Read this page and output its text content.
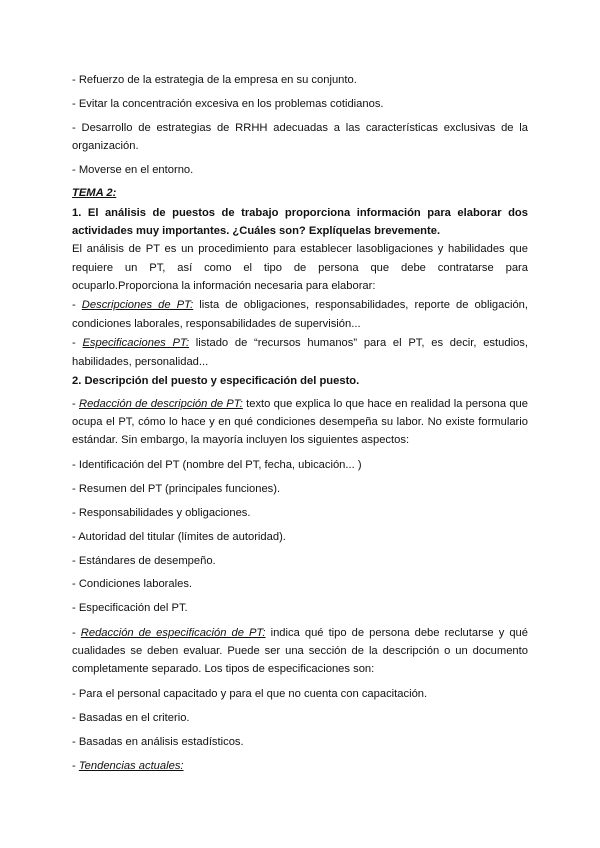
- Refuerzo de la estrategia de la empresa en su conjunto.
- Evitar la concentración excesiva en los problemas cotidianos.
- Desarrollo de estrategias de RRHH adecuadas a las características exclusivas de la
organización.
- Moverse en el entorno.
TEMA 2:
1. El análisis de puestos de trabajo proporciona información para elaborar dos
actividades muy importantes. ¿Cuáles son? Explíquelas brevemente.
El análisis de PT es un procedimiento para establecer lasobligaciones y habilidades que
requiere un PT, así como el tipo de persona que debe contratarse para
ocuparlo.Proporciona la información necesaria para elaborar:
- Descripciones de PT: lista de obligaciones, responsabilidades, reporte de obligación,
condiciones laborales, responsabilidades de supervisión...
- Especificaciones PT: listado de “recursos humanos” para el PT, es decir, estudios,
habilidades, personalidad...
2. Descripción del puesto y especificación del puesto.
- Redacción de descripción de PT: texto que explica lo que hace en realidad la persona que
ocupa el PT, cómo lo hace y en qué condiciones desempeña su labor. No existe formulario
estándar. Sin embargo, la mayoría incluyen los siguientes aspectos:
- Identificación del PT (nombre del PT, fecha, ubicación... )
- Resumen del PT (principales funciones).
- Responsabilidades y obligaciones.
- Autoridad del titular (límites de autoridad).
- Estándares de desempeño.
- Condiciones laborales.
- Especificación del PT.
- Redacción de especificación de PT: indica qué tipo de persona debe reclutarse y qué
cualidades se deben evaluar. Puede ser una sección de la descripción o un documento
completamente separado. Los tipos de especificaciones son:
- Para el personal capacitado y para el que no cuenta con capacitación.
- Basadas en el criterio.
- Basadas en análisis estadísticos.
- Tendencias actuales:
